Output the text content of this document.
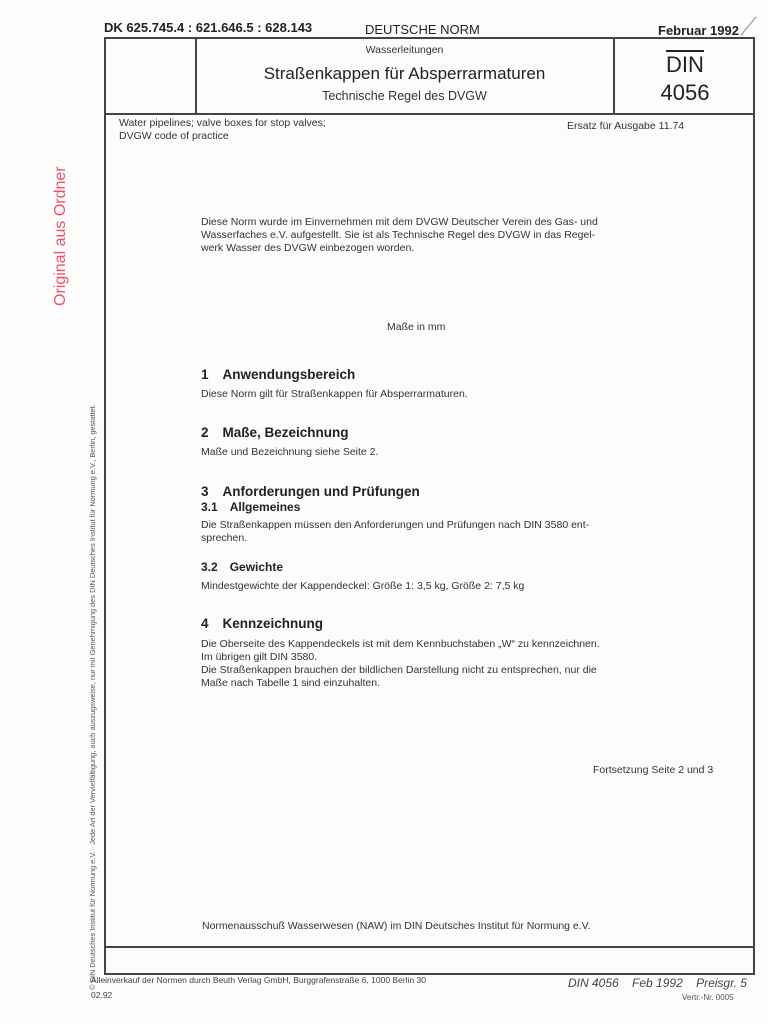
DK 625.745.4 : 621.646.5 : 628.143	DEUTSCHE NORM	Februar 1992
Wasserleitungen
Straßenkappen für Absperrarmaturen
Technische Regel des DVGW
$\overline{DIN}$
4056
Water pipelines; valve boxes for stop valves;
DVGW code of practice
Ersatz für Ausgabe 11.74
Diese Norm wurde im Einvernehmen mit dem DVGW Deutscher Verein des Gas- und
Wasserfaches e.V. aufgestellt. Sie ist als Technische Regel des DVGW in das Regel-
werk Wasser des DVGW einbezogen worden.
Maße in mm
1 Anwendungsbereich
Diese Norm gilt für Straßenkappen für Absperrarmaturen.
2 Maße, Bezeichnung
Maße und Bezeichnung siehe Seite 2.
3 Anforderungen und Prüfungen
3.1 Allgemeines
Die Straßenkappen müssen den Anforderungen und Prüfungen nach DIN 3580 ent-
sprechen.
3.2 Gewichte
Mindestgewichte der Kappendeckel: Größe 1: 3,5 kg, Größe 2: 7,5 kg
4 Kennzeichnung
Die Oberseite des Kappendeckels ist mit dem Kennbuchstaben „W“ zu kennzeichnen.
Im übrigen gilt DIN 3580.
Die Straßenkappen brauchen der bildlichen Darstellung nicht zu entsprechen, nur die
Maße nach Tabelle 1 sind einzuhalten.
Fortsetzung Seite 2 und 3
Normenausschuß Wasserwesen (NAW) im DIN Deutsches Institut für Normung e.V.
Alleinverkauf der Normen durch Beuth Verlag GmbH, Burggrafenstraße 6, 1000 Berlin 30
02.92
DIN 4056    Feb 1992    Preisgr. 5
Vertr.-Nr. 0005
Original aus Ordner
© DIN Deutsches Institut für Normung e.V. · Jede Art der Vervielfältigung, auch auszugsweise, nur mit Genehmigung des DIN Deutsches Institut für Normung e.V., Berlin, gestattet.
